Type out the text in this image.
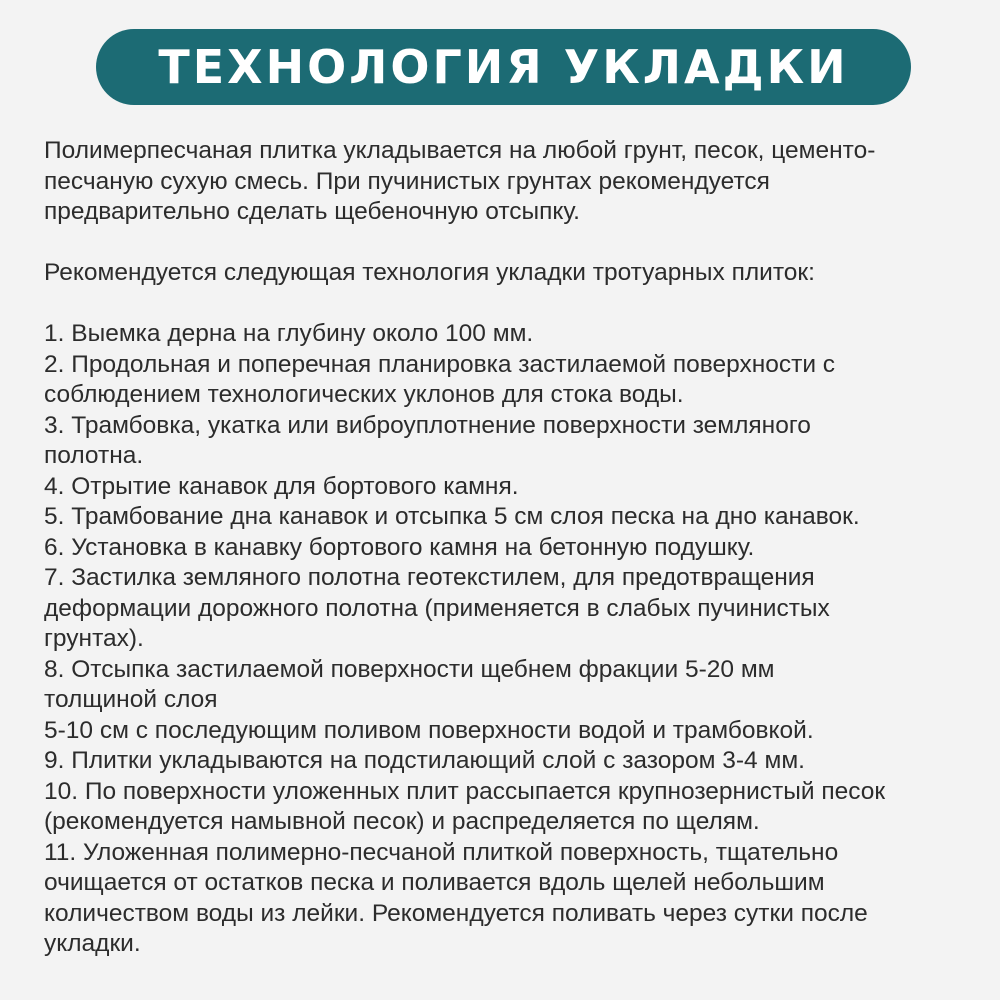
ТЕХНОЛОГИЯ УКЛАДКИ
Полимерпесчаная плитка укладывается на любой грунт, песок, цементо-
песчаную сухую смесь. При пучинистых грунтах рекомендуется
предварительно сделать щебеночную отсыпку.
Рекомендуется следующая технология укладки тротуарных плиток:
1. Выемка дерна на глубину около 100 мм.
2. Продольная и поперечная планировка застилаемой поверхности с
соблюдением технологических уклонов для стока воды.
3. Трамбовка, укатка или виброуплотнение поверхности земляного
полотна.
4. Отрытие канавок для бортового камня.
5. Трамбование дна канавок и отсыпка 5 см слоя песка на дно канавок.
6. Установка в канавку бортового камня на бетонную подушку.
7. Застилка земляного полотна геотекстилем, для предотвращения
деформации дорожного полотна (применяется в слабых пучинистых
грунтах).
8. Отсыпка застилаемой поверхности щебнем фракции 5-20 мм
толщиной слоя
5-10 см с последующим поливом поверхности водой и трамбовкой.
9. Плитки укладываются на подстилающий слой с зазором 3-4 мм.
10. По поверхности уложенных плит рассыпается крупнозернистый песок
(рекомендуется намывной песок) и распределяется по щелям.
11. Уложенная полимерно-песчаной плиткой поверхность, тщательно
очищается от остатков песка и поливается вдоль щелей небольшим
количеством воды из лейки. Рекомендуется поливать через сутки после
укладки.
